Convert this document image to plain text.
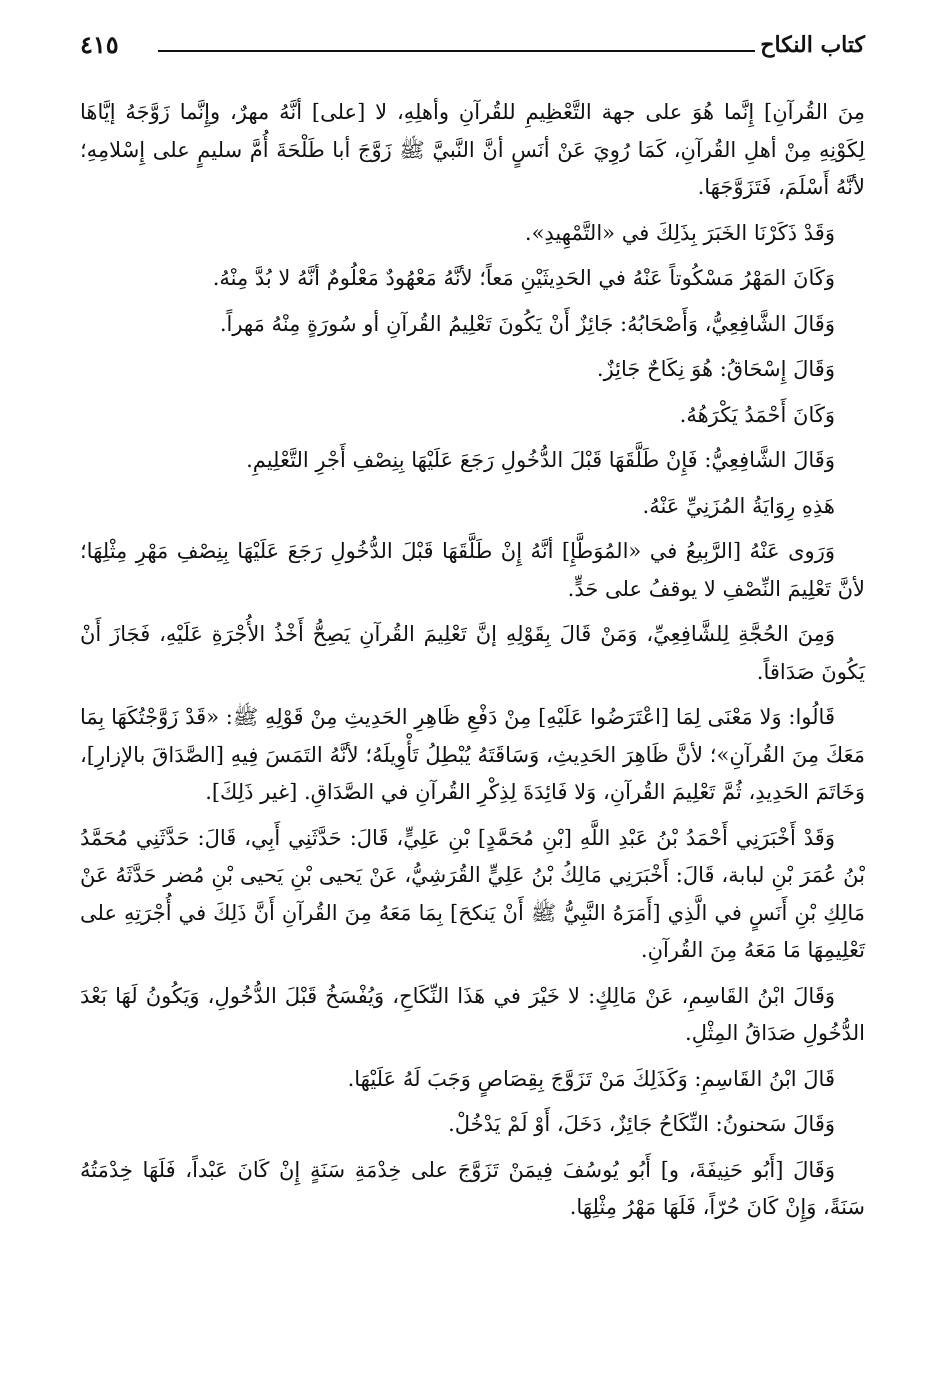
كتاب النكاح
٤١٥

مِنَ القُرآنِ] إِنَّما هُوَ على جهة التَّعْظِيمِ للقُرآنِ وأهلِهِ، لا [على] أنَّهُ مهرٌ، وإِنَّما زَوَّجَهُ إيَّاهَا لِكَوْنِهِ مِنْ أهلِ القُرآنِ، كَمَا رُوِيَ عَنْ أنَسٍ أنَّ النَّبيَّ ﷺ زَوَّجَ أبا طَلْحَةَ أُمَّ سليمٍ على إِسْلامِهِ؛ لأنَّهُ أَسْلَمَ، فَتَزَوَّجَهَا.

وَقَدْ ذَكَرْنَا الخَبَرَ بِذَلِكَ في «التَّمْهِيدِ».

وَكَانَ المَهْرُ مَسْكُوتاً عَنْهُ في الحَدِيثَيْنِ مَعاً؛ لأنَّهُ مَعْهُودٌ مَعْلُومٌ أنَّهُ لا بُدَّ مِنْهُ.

وَقَالَ الشَّافِعِيُّ، وَأَصْحَابُهُ: جَائِزٌ أَنْ يَكُونَ تَعْلِيمُ القُرآنِ أو سُورَةٍ مِنْهُ مَهراً.

وَقَالَ إِسْحَاقُ: هُوَ نِكَاحٌ جَائِزٌ.

وَكَانَ أَحْمَدُ يَكْرَهُهُ.

وَقَالَ الشَّافِعِيُّ: فَإِنْ طَلَّقَهَا قَبْلَ الدُّخُولِ رَجَعَ عَلَيْهَا بِنِصْفِ أَجْرِ التَّعْلِيمِ.

هَذِهِ رِوَايَةُ المُزَنِيِّ عَنْهُ.

وَرَوى عَنْهُ [الرَّبِيعُ في «المُوَطَّإِ] أنَّهُ إِنْ طَلَّقَهَا قَبْلَ الدُّخُولِ رَجَعَ عَلَيْهَا بِنِصْفِ مَهْرِ مِثْلِهَا؛ لأنَّ تَعْلِيمَ النِّصْفِ لا يوقفُ على حَدٍّ.

وَمِنَ الحُجَّةِ لِلشَّافِعِيِّ، وَمَنْ قَالَ بِقَوْلِهِ إنَّ تَعْلِيمَ القُرآنِ يَصِحُّ أَخْذُ الأُجْرَةِ عَلَيْهِ، فَجَازَ أَنْ يَكُونَ صَدَاقاً.

قَالُوا: وَلا مَعْنَى لِمَا [اعْتَرَضُوا عَلَيْهِ] مِنْ دَفْعِ ظَاهِرِ الحَدِيثِ مِنْ قَوْلِهِ ﷺ: «قَدْ زَوَّجْتُكَهَا بِمَا مَعَكَ مِنَ القُرآنِ»؛ لأنَّ ظَاهِرَ الحَدِيثِ، وَسَاقَتَهُ يُبْطِلُ تَأْوِيلَهُ؛ لأنَّهُ التَمَسَ فِيهِ [الصَّدَاقَ بالإزارِ]، وَخَاتَمَ الحَدِيدِ، ثُمَّ تَعْلِيمَ القُرآنِ، وَلا فَائِدَةَ لِذِكْرِ القُرآنِ في الصَّدَاقِ. [غير ذَلِكَ].

وَقَدْ أَخْبَرَنِي أَحْمَدُ بْنُ عَبْدِ اللَّهِ [بْنِ مُحَمَّدٍ] بْنِ عَلِيٍّ، قَالَ: حَدَّثَنِي أَبِي، قَالَ: حَدَّثَنِي مُحَمَّدُ بْنُ عُمَرَ بْنِ لبابة، قَالَ: أَخْبَرَنِي مَالِكُ بْنُ عَلِيٍّ القُرَشِيُّ، عَنْ يَحيى بْنِ يَحيى بْنِ مُضر حَدَّثَهُ عَنْ مَالِكِ بْنِ أَنَسٍ في الَّذِي [أَمَرَهُ النَّبِيُّ ﷺ أَنْ يَنكحَ] بِمَا مَعَهُ مِنَ القُرآنِ أَنَّ ذَلِكَ في أُجْرَتِهِ على تَعْلِيمِهَا مَا مَعَهُ مِنَ القُرآنِ.

وَقَالَ ابْنُ القَاسِمِ، عَنْ مَالِكٍ: لا خَيْرَ في هَذَا النِّكَاحِ، وَيُفْسَخُ قَبْلَ الدُّخُولِ، وَيَكُونُ لَهَا بَعْدَ الدُّخُولِ صَدَاقُ المِثْلِ.

قَالَ ابْنُ القَاسِمِ: وَكَذَلِكَ مَنْ تَزَوَّجَ بِقِصَاصٍ وَجَبَ لَهُ عَلَيْهَا.

وَقَالَ سَحنونُ: النِّكَاحُ جَائِزٌ، دَخَلَ، أَوْ لَمْ يَدْخُلْ.

وَقَالَ [أَبُو حَنِيفَةَ، و] أَبُو يُوسُفَ فِيمَنْ تَزَوَّجَ على خِدْمَةِ سَنَةٍ إِنْ كَانَ عَبْداً، فَلَهَا خِدْمَتُهُ سَنَةً، وَإِنْ كَانَ حُرّاً، فَلَهَا مَهْرُ مِثْلِهَا.
